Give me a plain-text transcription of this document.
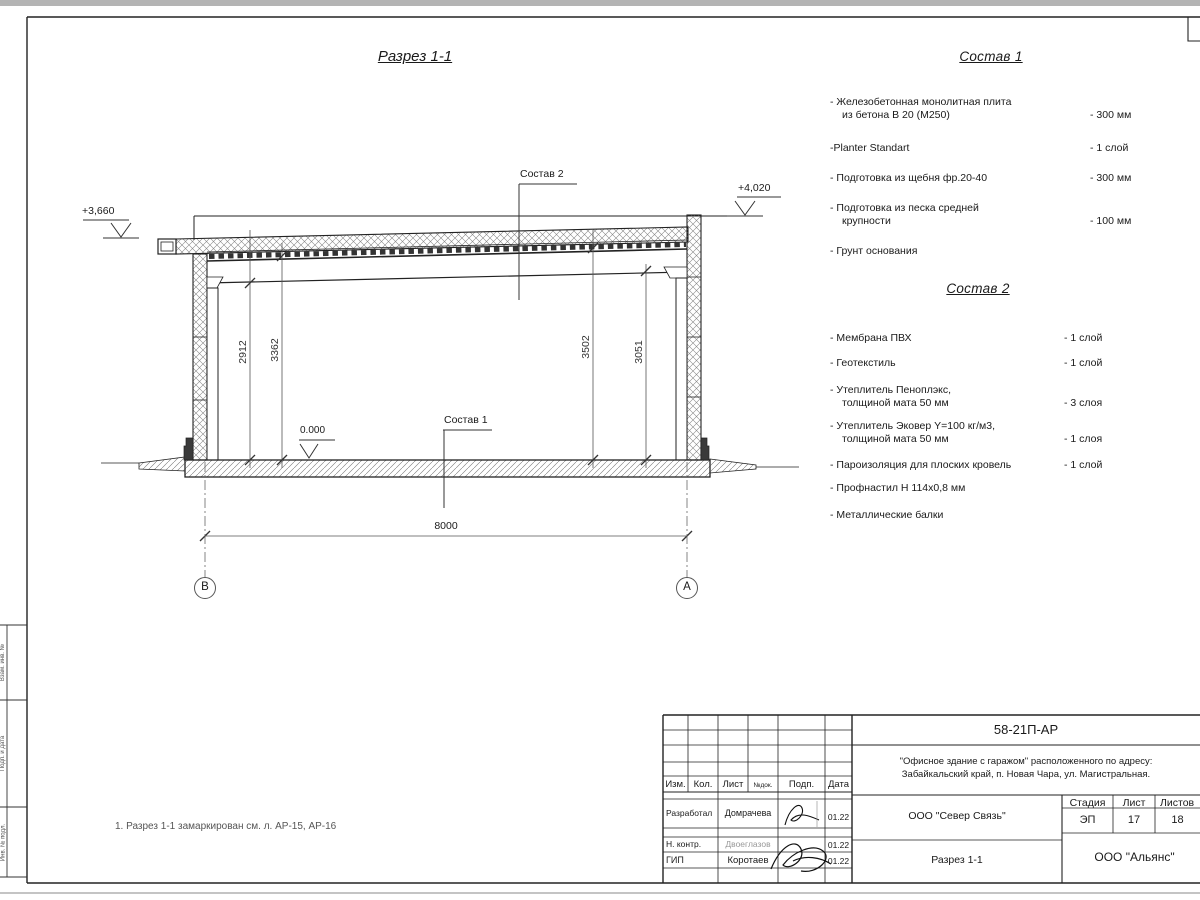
Разрез 1-1
+3,660
+4,020
0.000
Состав 2
Состав 1
2912 3362	3502	3051
8000
В	А
Состав 1
- Железобетонная монолитная плита
из бетона В 20 (М250)	- 300 мм
-Planter Standart	- 1 слой
- Подготовка из щебня фр.20-40	- 300 мм
- Подготовка из песка средней
крупности	- 100 мм
- Грунт основания
Состав 2
- Мембрана ПВХ	- 1 слой
- Геотекстиль	- 1 слой
- Утеплитель Пеноплэкс,
толщиной мата 50 мм	- 3 слоя
- Утеплитель Эковер Y=100 кг/м3,
толщиной мата 50 мм	- 1 слоя
- Пароизоляция для плоских кровель	- 1 слой
- Профнастил Н 114х0,8 мм
- Металлические балки
1. Разрез 1-1 замаркирован см. л. АР-15, АР-16
Взам. инв. №
Подп. и дата
Инв. № подл.
58-21П-АР
"Офисное здание с гаражом" расположенного по адресу:
Забайкальский край, п. Новая Чара, ул. Магистральная.
ООО "Север Связь"
Разрез 1-1	ООО "Альянс"
Стадия	Лист	Листов
ЭП	17	18
Изм. Кол.	Лист	№док.	Подп.	Дата
Разработал	Домрачева	01.22
Н. контр.	Двоеглазов	01.22
ГИП	Коротаев	01.22
